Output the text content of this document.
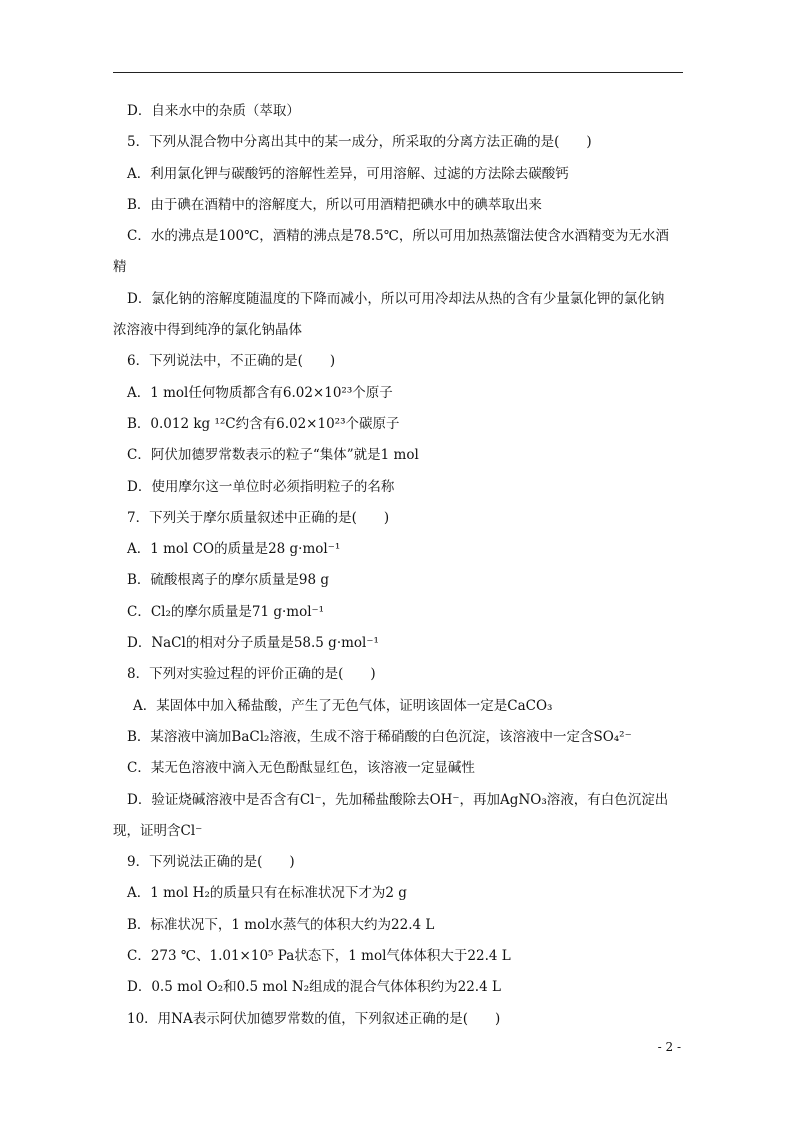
D．自来水中的杂质（萃取）
5．下列从混合物中分离出其中的某一成分，所采取的分离方法正确的是(　　)
A．利用氯化钾与碳酸钙的溶解性差异，可用溶解、过滤的方法除去碳酸钙
B．由于碘在酒精中的溶解度大，所以可用酒精把碘水中的碘萃取出来
C．水的沸点是100℃，酒精的沸点是78.5℃，所以可用加热蒸馏法使含水酒精变为无水酒
精
D．氯化钠的溶解度随温度的下降而减小，所以可用冷却法从热的含有少量氯化钾的氯化钠
浓溶液中得到纯净的氯化钠晶体
6．下列说法中，不正确的是(　　)
A．1 mol任何物质都含有6.02×10²³个原子
B．0.012 kg ¹²C约含有6.02×10²³个碳原子
C．阿伏加德罗常数表示的粒子“集体”就是1 mol
D．使用摩尔这一单位时必须指明粒子的名称
7．下列关于摩尔质量叙述中正确的是(　　)
A．1 mol CO的质量是28 g·mol⁻¹
B．硫酸根离子的摩尔质量是98 g
C．Cl₂的摩尔质量是71 g·mol⁻¹
D．NaCl的相对分子质量是58.5 g·mol⁻¹
8．下列对实验过程的评价正确的是(　　)
A．某固体中加入稀盐酸，产生了无色气体，证明该固体一定是CaCO₃
B．某溶液中滴加BaCl₂溶液，生成不溶于稀硝酸的白色沉淀，该溶液中一定含SO₄²⁻
C．某无色溶液中滴入无色酚酞显红色，该溶液一定显碱性
D．验证烧碱溶液中是否含有Cl⁻，先加稀盐酸除去OH⁻，再加AgNO₃溶液，有白色沉淀出
现，证明含Cl⁻
9．下列说法正确的是(　　)
A．1 mol H₂的质量只有在标准状况下才为2 g
B．标准状况下，1 mol水蒸气的体积大约为22.4 L
C．273 ℃、1.01×10⁵ Pa状态下，1 mol气体体积大于22.4 L
D．0.5 mol O₂和0.5 mol N₂组成的混合气体体积约为22.4 L
10．用NA表示阿伏加德罗常数的值，下列叙述正确的是(　　)
- 2 -
